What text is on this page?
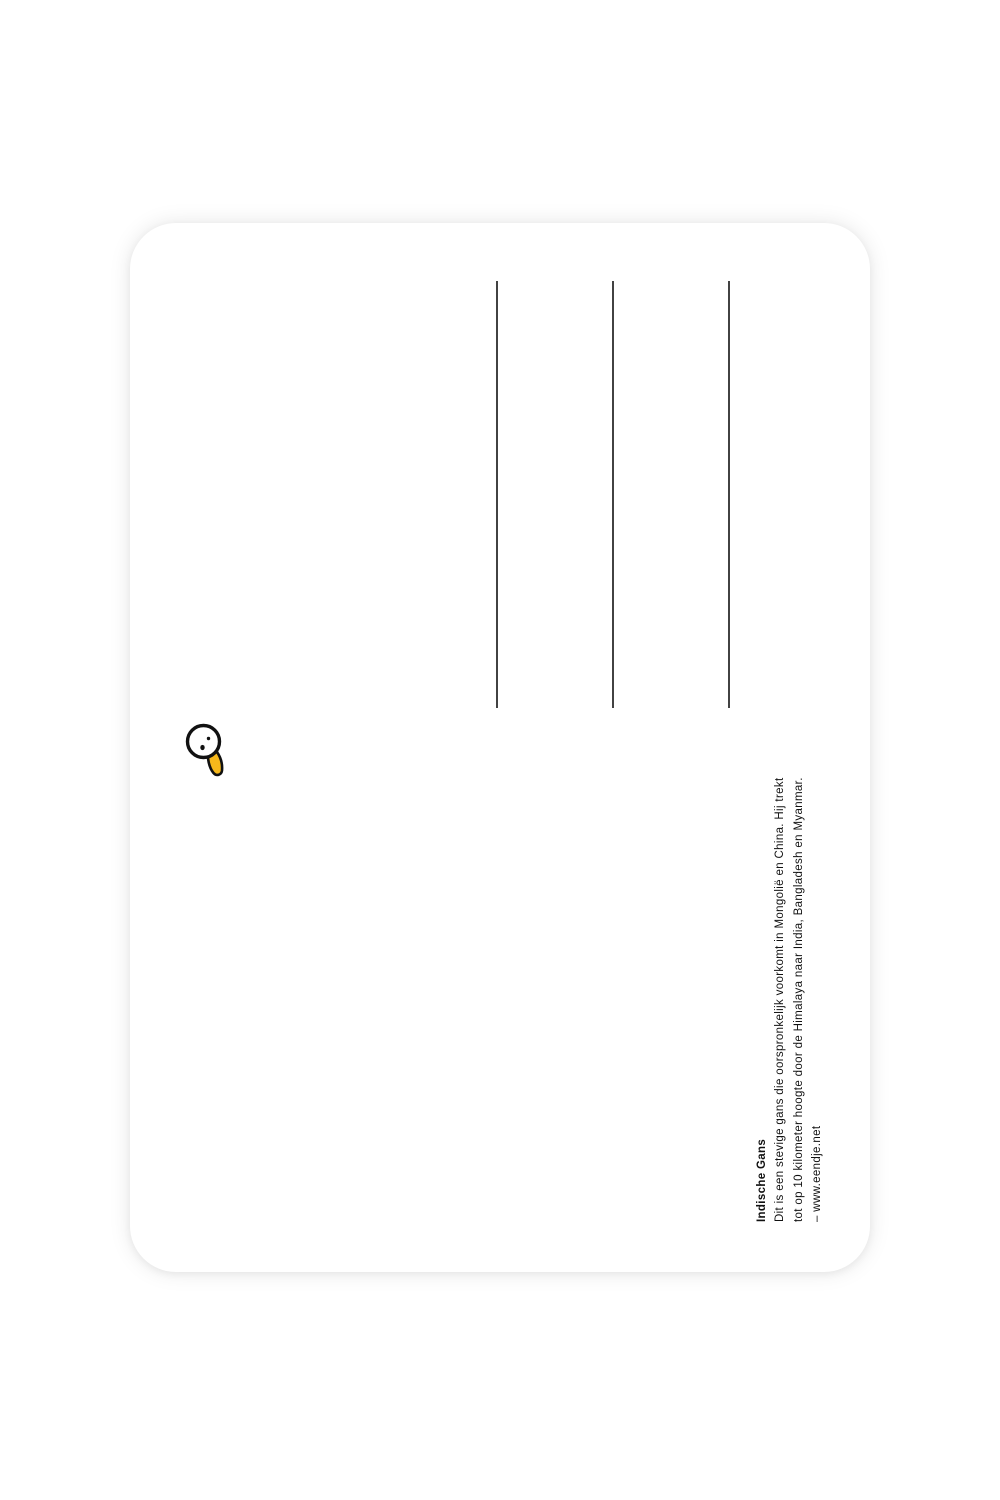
Indische Gans Dit is een stevige gans die oorspronkelijk voorkomt in Mongolië en China. Hij trekt tot op 10 kilometer hoogte door de Himalaya naar India, Bangladesh en Myanmar. – www.eendje.net
